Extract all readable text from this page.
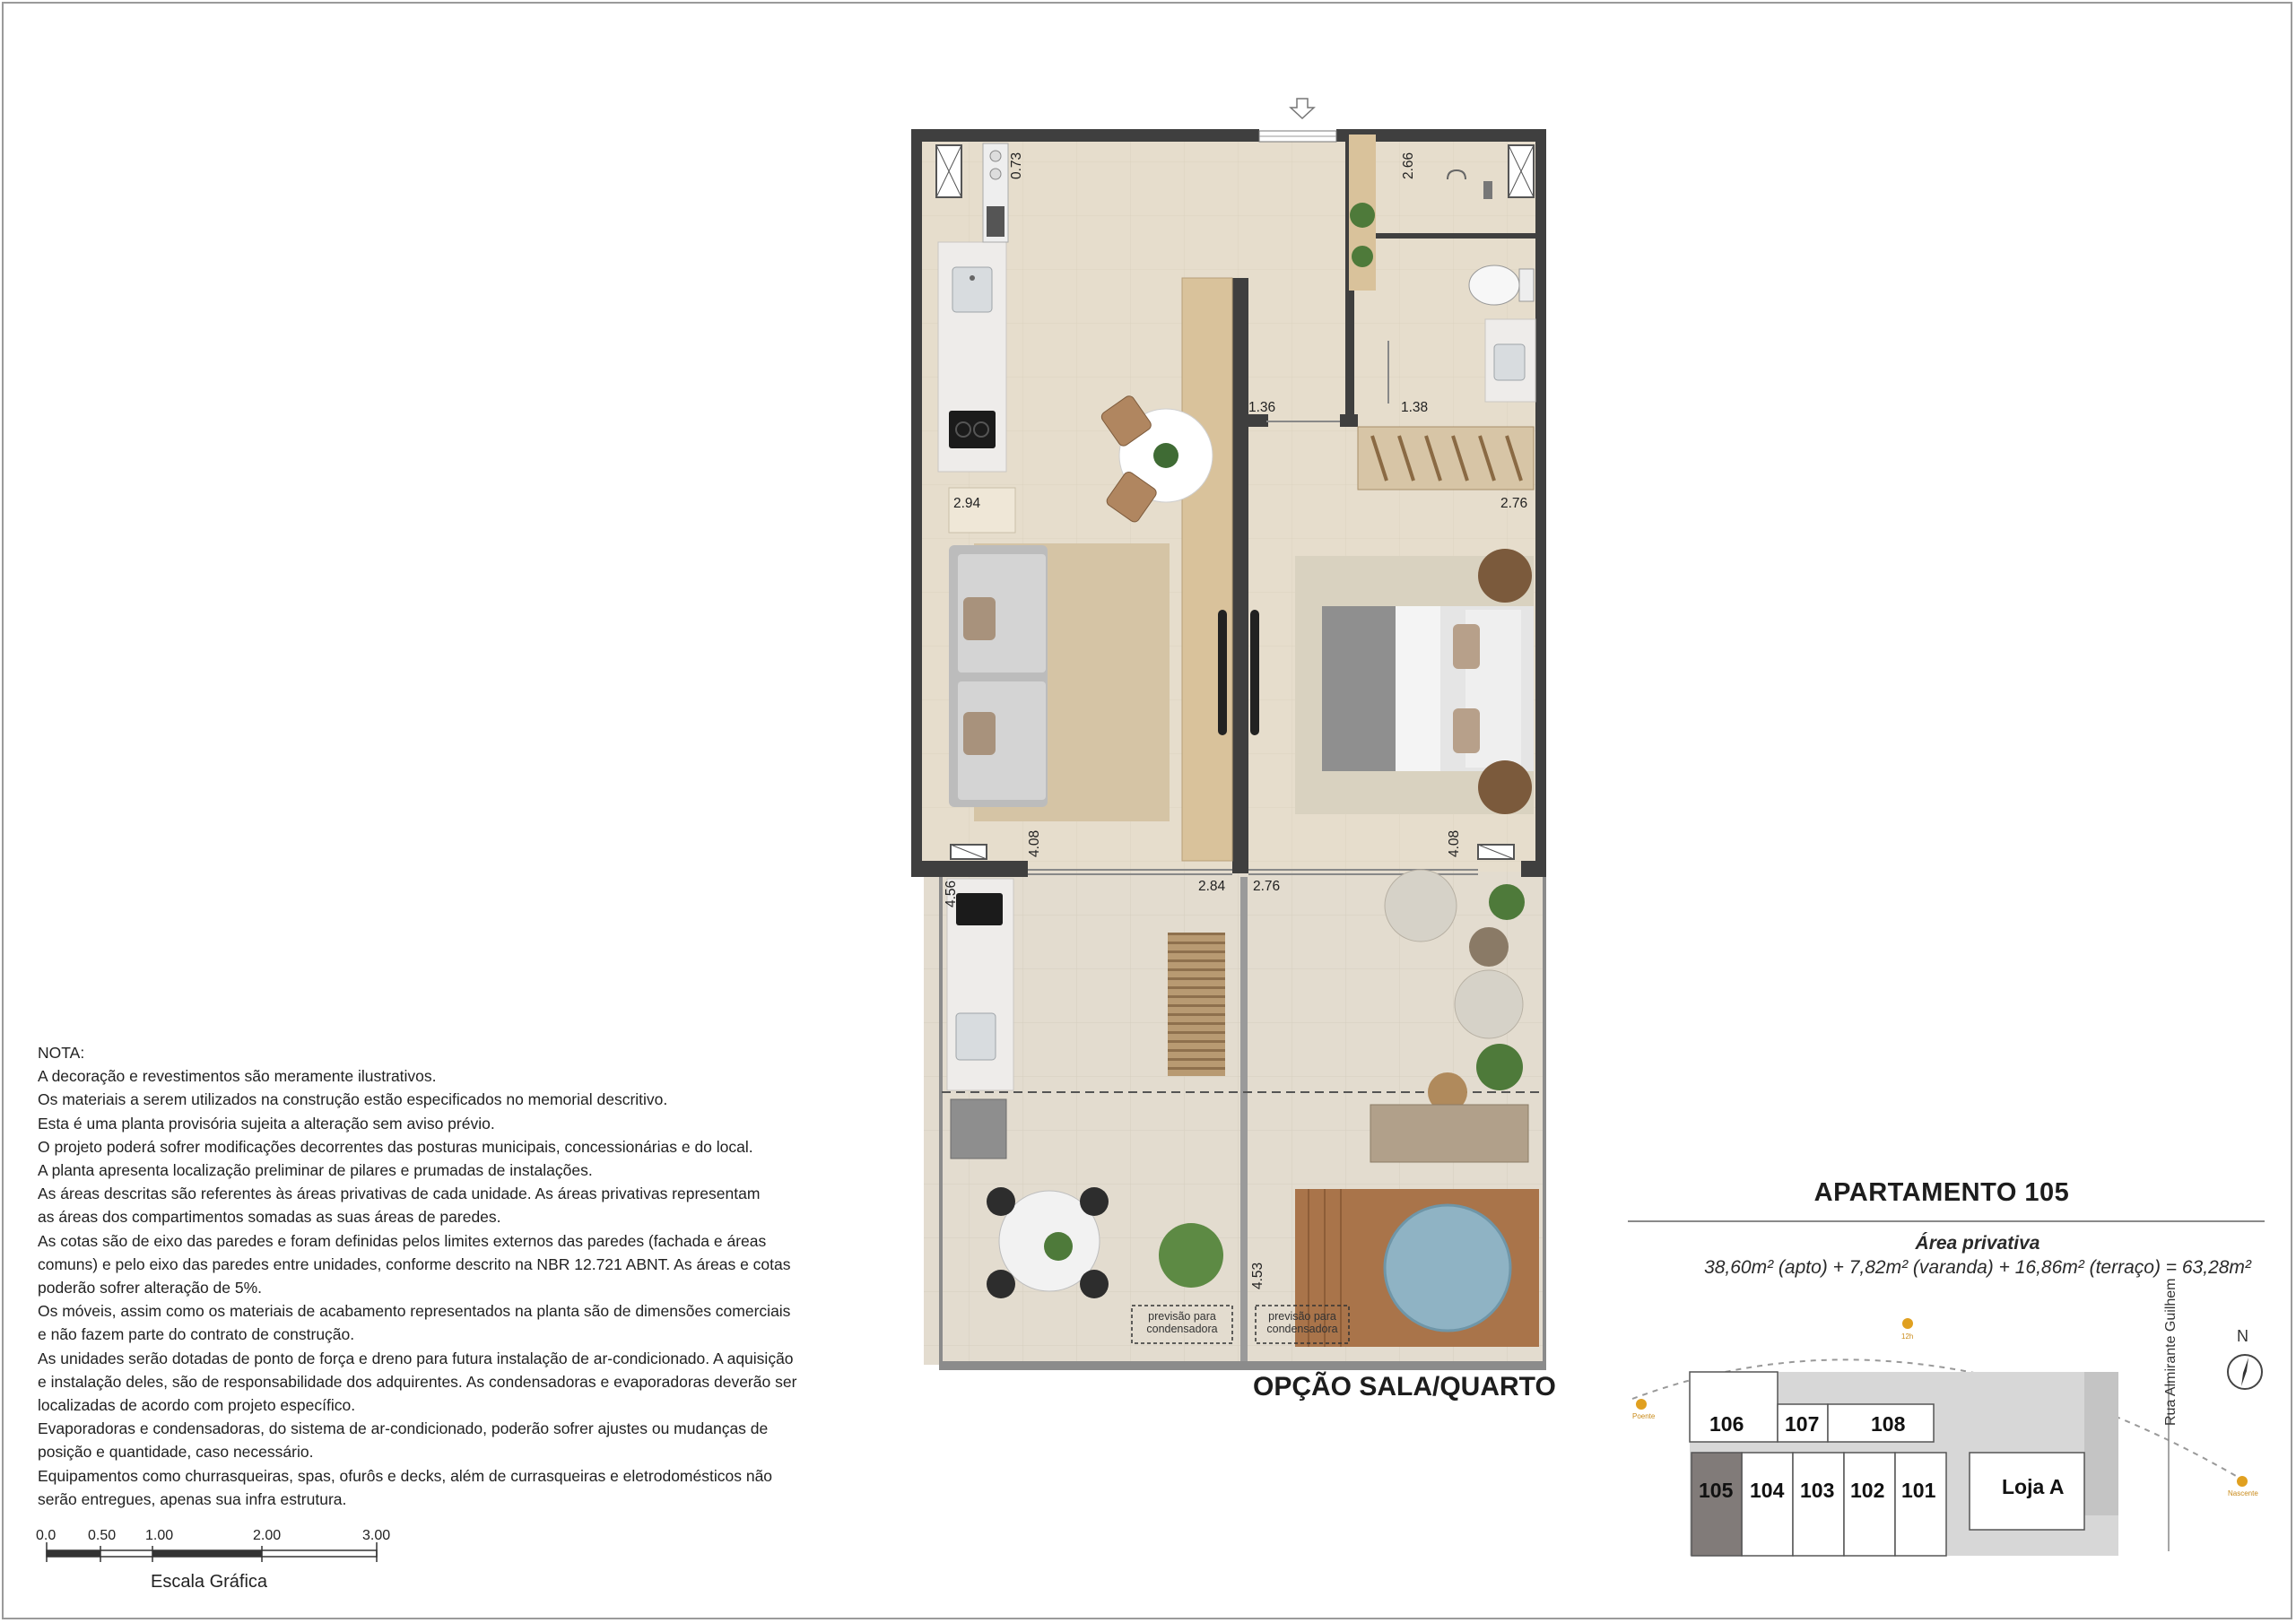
0.73	2.66
1.36	1.38
2.94	2.76
4.08	4.08
4.56	2.84 2.76
4.53
previsão para
condensadora
previsão para
condensadora
OPÇÃO SALA/QUARTO
NOTA:
A decoração e revestimentos são meramente ilustrativos.
Os materiais a serem utilizados na construção estão especificados no memorial descritivo.
Esta é uma planta provisória sujeita a alteração sem aviso prévio.
O projeto poderá sofrer modificações decorrentes das posturas municipais, concessionárias e do local.
A planta apresenta localização preliminar de pilares e prumadas de instalações.
As áreas descritas são referentes às áreas privativas de cada unidade. As áreas privativas representam
as áreas dos compartimentos somadas as suas áreas de paredes.
As cotas são de eixo das paredes e foram definidas pelos limites externos das paredes (fachada e áreas
comuns) e pelo eixo das paredes entre unidades, conforme descrito na NBR 12.721 ABNT. As áreas e cotas
poderão sofrer alteração de 5%.
Os móveis, assim como os materiais de acabamento representados na planta são de dimensões comerciais
e não fazem parte do contrato de construção.
As unidades serão dotadas de ponto de força e dreno para futura instalação de ar-condicionado. A aquisição
e instalação deles, são de responsabilidade dos adquirentes. As condensadoras e evaporadoras deverão ser
localizadas de acordo com projeto específico.
Evaporadoras e condensadoras, do sistema de ar-condicionado, poderão sofrer ajustes ou mudanças de
posição e quantidade, caso necessário.
Equipamentos como churrasqueiras, spas, ofurôs e decks, além de currasqueiras e eletrodomésticos não
serão entregues, apenas sua infra estrutura.
0.0 0.50 1.00	2.00	3.00
Escala Gráfica
APARTAMENTO 105
Área privativa
38,60m² (apto) + 7,82m² (varanda) + 16,86m² (terraço) = 63,28m²
106 107	108
105 104 103 102 101	Loja A
Rua Almirante Guilhem	N
Poente
12h
Nascente
